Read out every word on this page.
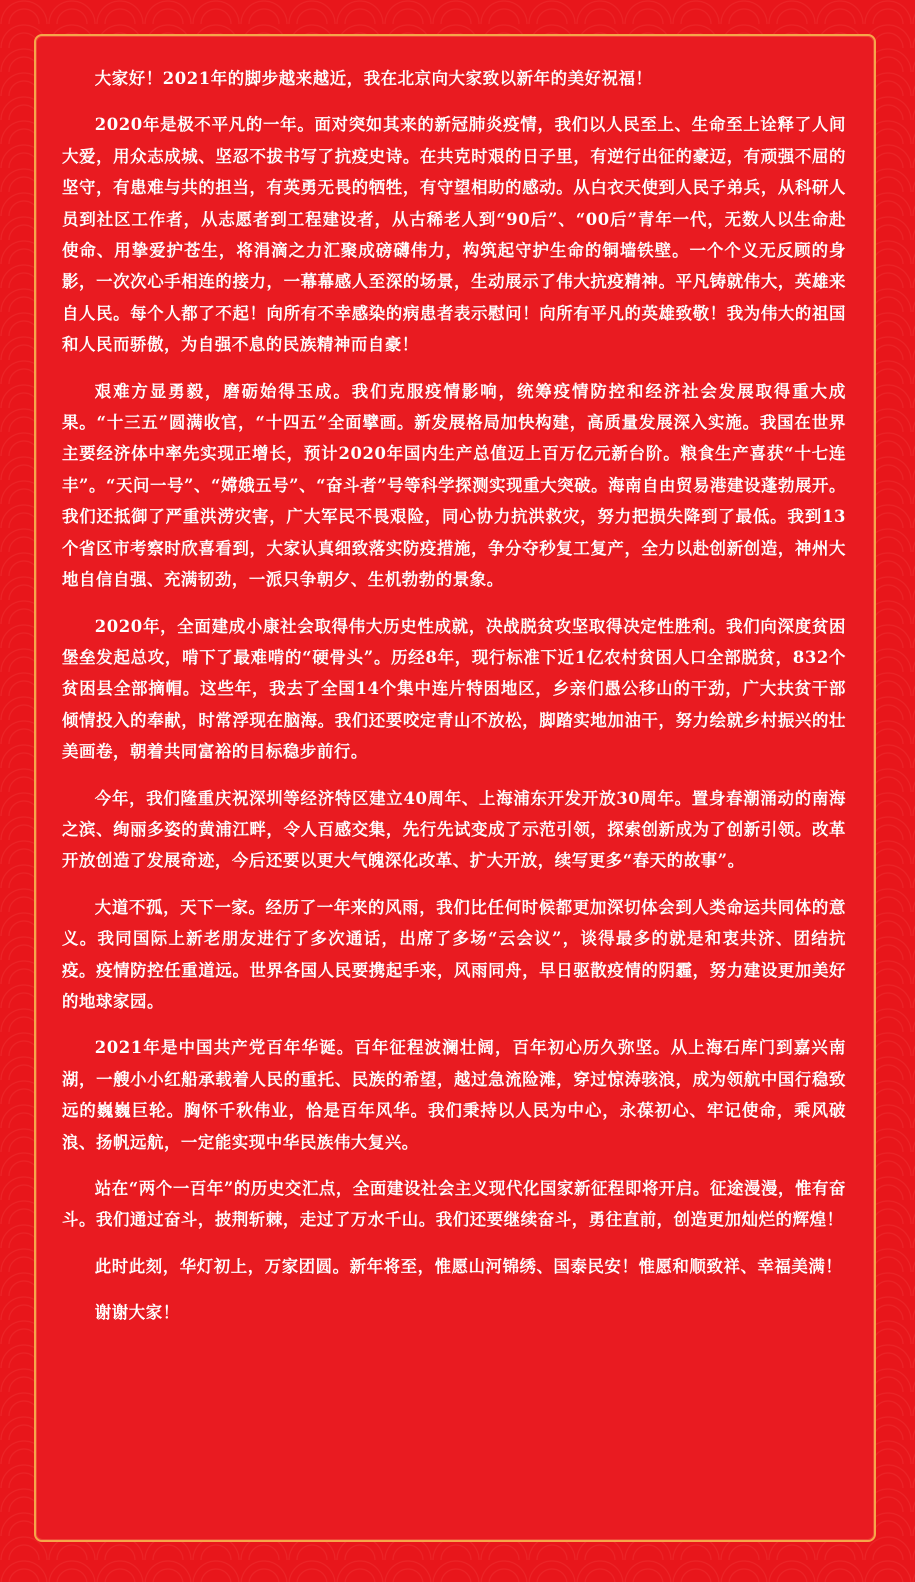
大家好！2021年的脚步越来越近，我在北京向大家致以新年的美好祝福！

2020年是极不平凡的一年。面对突如其来的新冠肺炎疫情，我们以人民至上、生命至上诠释了人间大爱，用众志成城、坚忍不拔书写了抗疫史诗。在共克时艰的日子里，有逆行出征的豪迈，有顽强不屈的坚守，有患难与共的担当，有英勇无畏的牺牲，有守望相助的感动。从白衣天使到人民子弟兵，从科研人员到社区工作者，从志愿者到工程建设者，从古稀老人到“90后”、“00后”青年一代，无数人以生命赴使命、用挚爱护苍生，将涓滴之力汇聚成磅礴伟力，构筑起守护生命的铜墙铁壁。一个个义无反顾的身影，一次次心手相连的接力，一幕幕感人至深的场景，生动展示了伟大抗疫精神。平凡铸就伟大，英雄来自人民。每个人都了不起！向所有不幸感染的病患者表示慰问！向所有平凡的英雄致敬！我为伟大的祖国和人民而骄傲，为自强不息的民族精神而自豪！

艰难方显勇毅，磨砺始得玉成。我们克服疫情影响，统筹疫情防控和经济社会发展取得重大成果。“十三五”圆满收官，“十四五”全面擘画。新发展格局加快构建，高质量发展深入实施。我国在世界主要经济体中率先实现正增长，预计2020年国内生产总值迈上百万亿元新台阶。粮食生产喜获“十七连丰”。“天问一号”、“嫦娥五号”、“奋斗者”号等科学探测实现重大突破。海南自由贸易港建设蓬勃展开。我们还抵御了严重洪涝灾害，广大军民不畏艰险，同心协力抗洪救灾，努力把损失降到了最低。我到13个省区市考察时欣喜看到，大家认真细致落实防疫措施，争分夺秒复工复产，全力以赴创新创造，神州大地自信自强、充满韧劲，一派只争朝夕、生机勃勃的景象。

2020年，全面建成小康社会取得伟大历史性成就，决战脱贫攻坚取得决定性胜利。我们向深度贫困堡垒发起总攻，啃下了最难啃的“硬骨头”。历经8年，现行标准下近1亿农村贫困人口全部脱贫，832个贫困县全部摘帽。这些年，我去了全国14个集中连片特困地区，乡亲们愚公移山的干劲，广大扶贫干部倾情投入的奉献，时常浮现在脑海。我们还要咬定青山不放松，脚踏实地加油干，努力绘就乡村振兴的壮美画卷，朝着共同富裕的目标稳步前行。

今年，我们隆重庆祝深圳等经济特区建立40周年、上海浦东开发开放30周年。置身春潮涌动的南海之滨、绚丽多姿的黄浦江畔，令人百感交集，先行先试变成了示范引领，探索创新成为了创新引领。改革开放创造了发展奇迹，今后还要以更大气魄深化改革、扩大开放，续写更多“春天的故事”。

大道不孤，天下一家。经历了一年来的风雨，我们比任何时候都更加深切体会到人类命运共同体的意义。我同国际上新老朋友进行了多次通话，出席了多场“云会议”，谈得最多的就是和衷共济、团结抗疫。疫情防控任重道远。世界各国人民要携起手来，风雨同舟，早日驱散疫情的阴霾，努力建设更加美好的地球家园。

2021年是中国共产党百年华诞。百年征程波澜壮阔，百年初心历久弥坚。从上海石库门到嘉兴南湖，一艘小小红船承载着人民的重托、民族的希望，越过急流险滩，穿过惊涛骇浪，成为领航中国行稳致远的巍巍巨轮。胸怀千秋伟业，恰是百年风华。我们秉持以人民为中心，永葆初心、牢记使命，乘风破浪、扬帆远航，一定能实现中华民族伟大复兴。

站在“两个一百年”的历史交汇点，全面建设社会主义现代化国家新征程即将开启。征途漫漫，惟有奋斗。我们通过奋斗，披荆斩棘，走过了万水千山。我们还要继续奋斗，勇往直前，创造更加灿烂的辉煌！

此时此刻，华灯初上，万家团圆。新年将至，惟愿山河锦绣、国泰民安！惟愿和顺致祥、幸福美满！

谢谢大家！
